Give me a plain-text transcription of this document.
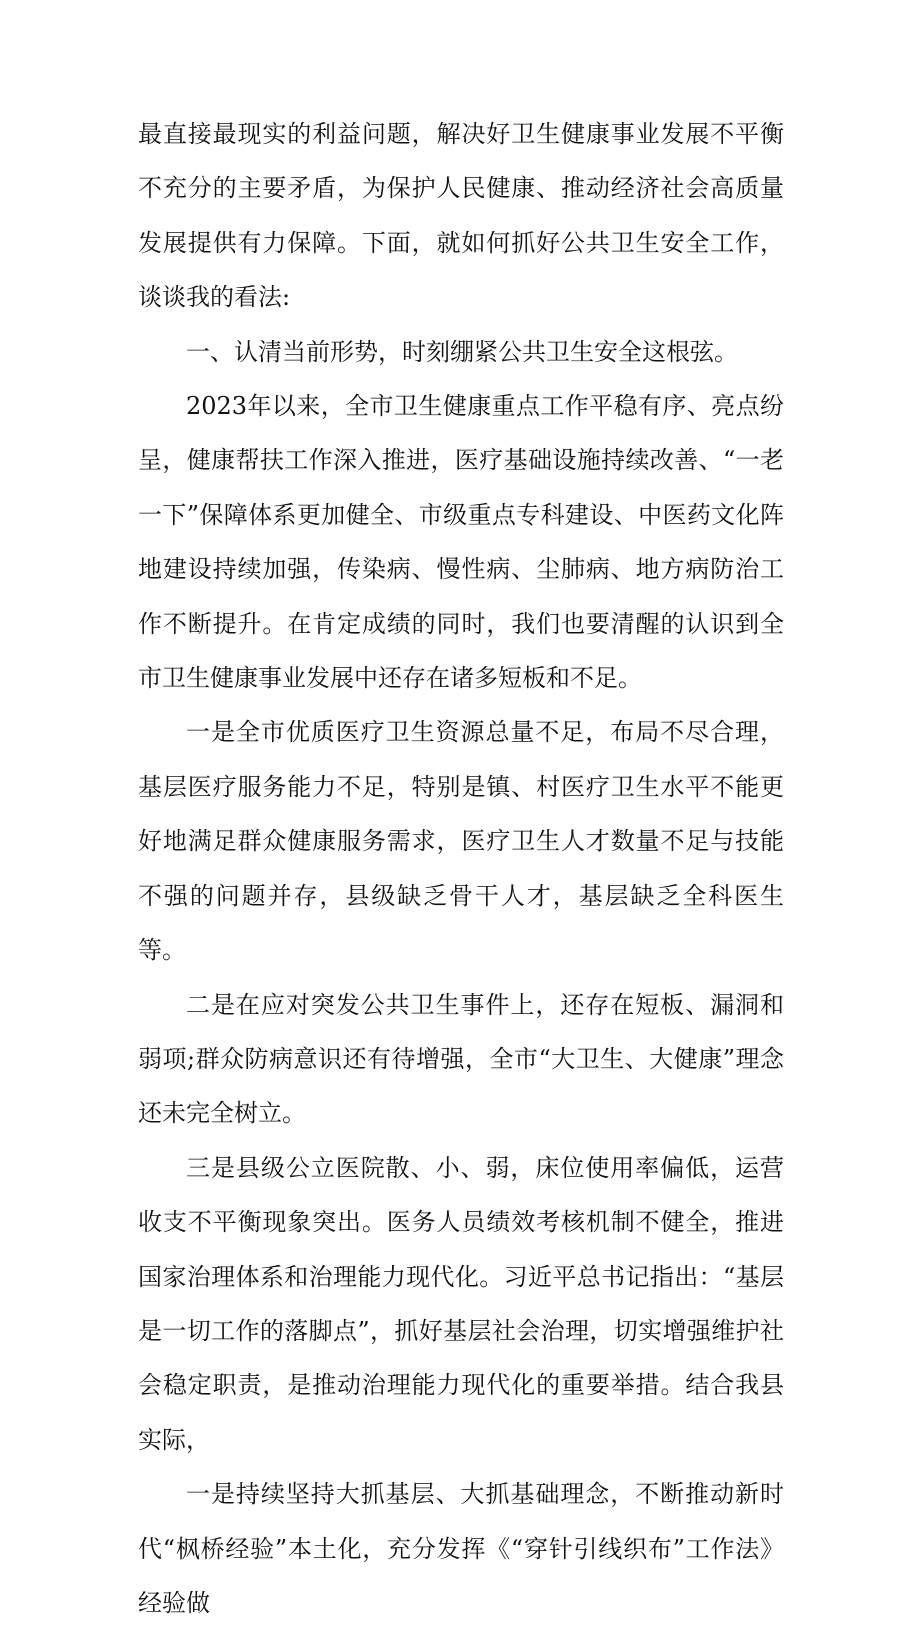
最直接最现实的利益问题，解决好卫生健康事业发展不平衡不充分的主要矛盾，为保护人民健康、推动经济社会高质量发展提供有力保障。下面，就如何抓好公共卫生安全工作，谈谈我的看法:

一、认清当前形势，时刻绷紧公共卫生安全这根弦。

2023年以来，全市卫生健康重点工作平稳有序、亮点纷呈，健康帮扶工作深入推进，医疗基础设施持续改善、“一老一下”保障体系更加健全、市级重点专科建设、中医药文化阵地建设持续加强，传染病、慢性病、尘肺病、地方病防治工作不断提升。在肯定成绩的同时，我们也要清醒的认识到全市卫生健康事业发展中还存在诸多短板和不足。

一是全市优质医疗卫生资源总量不足，布局不尽合理，基层医疗服务能力不足，特别是镇、村医疗卫生水平不能更好地满足群众健康服务需求，医疗卫生人才数量不足与技能不强的问题并存，县级缺乏骨干人才，基层缺乏全科医生等。

二是在应对突发公共卫生事件上，还存在短板、漏洞和弱项;群众防病意识还有待增强，全市“大卫生、大健康”理念还未完全树立。

三是县级公立医院散、小、弱，床位使用率偏低，运营收支不平衡现象突出。医务人员绩效考核机制不健全，推进国家治理体系和治理能力现代化。习近平总书记指出：“基层是一切工作的落脚点”，抓好基层社会治理，切实增强维护社会稳定职责，是推动治理能力现代化的重要举措。结合我县实际，

一是持续坚持大抓基层、大抓基础理念，不断推动新时代“枫桥经验”本土化，充分发挥《“穿针引线织布”工作法》经验做
